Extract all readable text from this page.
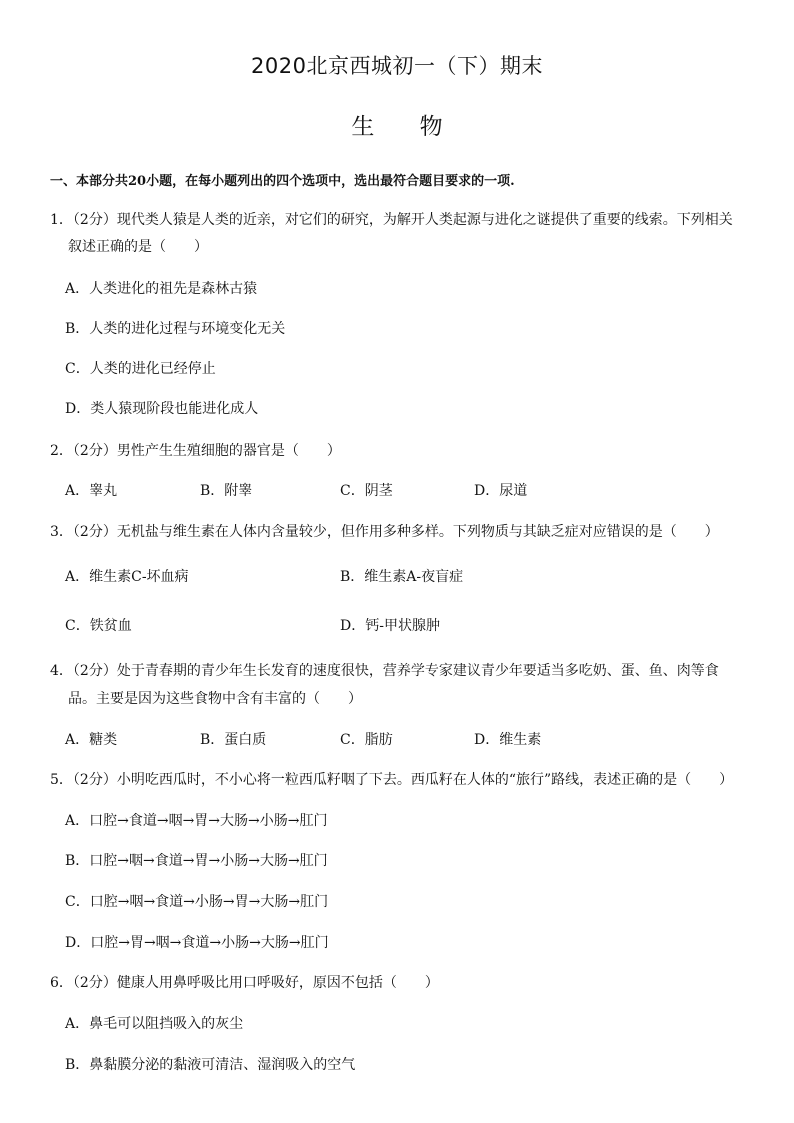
2020北京西城初一（下）期末
生 物
一、本部分共20小题，在每小题列出的四个选项中，选出最符合题目要求的一项.
1．（2分）现代类人猿是人类的近亲，对它们的研究，为解开人类起源与进化之谜提供了重要的线索。下列相关
叙述正确的是（　　）
A．人类进化的祖先是森林古猿
B．人类的进化过程与环境变化无关
C．人类的进化已经停止
D．类人猿现阶段也能进化成人
2．（2分）男性产生生殖细胞的器官是（　　）
A．睾丸	B．附睾	C．阴茎	D．尿道
3．（2分）无机盐与维生素在人体内含量较少，但作用多种多样。下列物质与其缺乏症对应错误的是（　　）
A．维生素C-坏血病	B．维生素A-夜盲症
C．铁贫血	D．钙-甲状腺肿
4．（2分）处于青春期的青少年生长发育的速度很快，营养学专家建议青少年要适当多吃奶、蛋、鱼、肉等食
品。主要是因为这些食物中含有丰富的（　　）
A．糖类	B．蛋白质	C．脂肪	D．维生素
5．（2分）小明吃西瓜时，不小心将一粒西瓜籽咽了下去。西瓜籽在人体的“旅行”路线，表述正确的是（　　）
A．口腔→食道→咽→胃→大肠→小肠→肛门
B．口腔→咽→食道→胃→小肠→大肠→肛门
C．口腔→咽→食道→小肠→胃→大肠→肛门
D．口腔→胃→咽→食道→小肠→大肠→肛门
6．（2分）健康人用鼻呼吸比用口呼吸好，原因不包括（　　）
A．鼻毛可以阻挡吸入的灰尘
B．鼻黏膜分泌的黏液可清洁、湿润吸入的空气
